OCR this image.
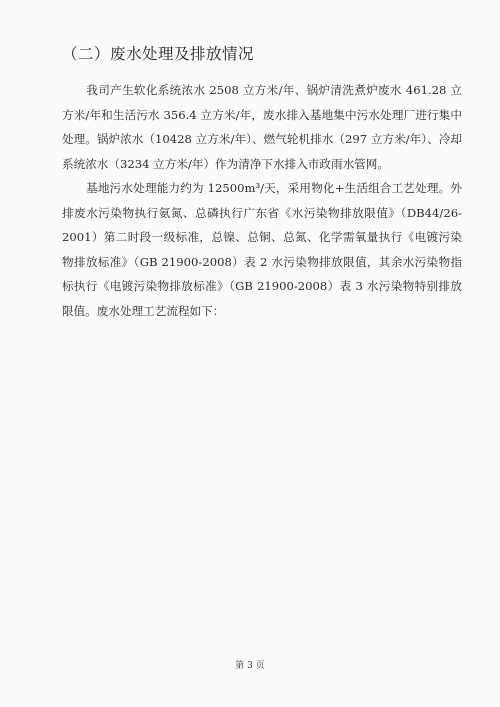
（二）废水处理及排放情况
我司产生软化系统浓水 2508 立方米/年、锅炉清洗煮炉废水 461.28 立方米/年和生活污水 356.4 立方米/年，废水排入基地集中污水处理厂进行集中处理。锅炉浓水（10428 立方米/年）、燃气轮机排水（297 立方米/年）、冷却系统浓水（3234 立方米/年）作为清净下水排入市政雨水管网。
基地污水处理能力约为 12500m³/天，采用物化+生活组合工艺处理。外排废水污染物执行氨氮、总磷执行广东省《水污染物排放限值》（DB44/26-2001）第二时段一级标准，总镍、总铜、总氮、化学需氧量执行《电镀污染物排放标准》（GB 21900-2008）表 2 水污染物排放限值，其余水污染物指标执行《电镀污染物排放标准》（GB 21900-2008）表 3 水污染物特别排放限值。废水处理工艺流程如下：
第 3 页
